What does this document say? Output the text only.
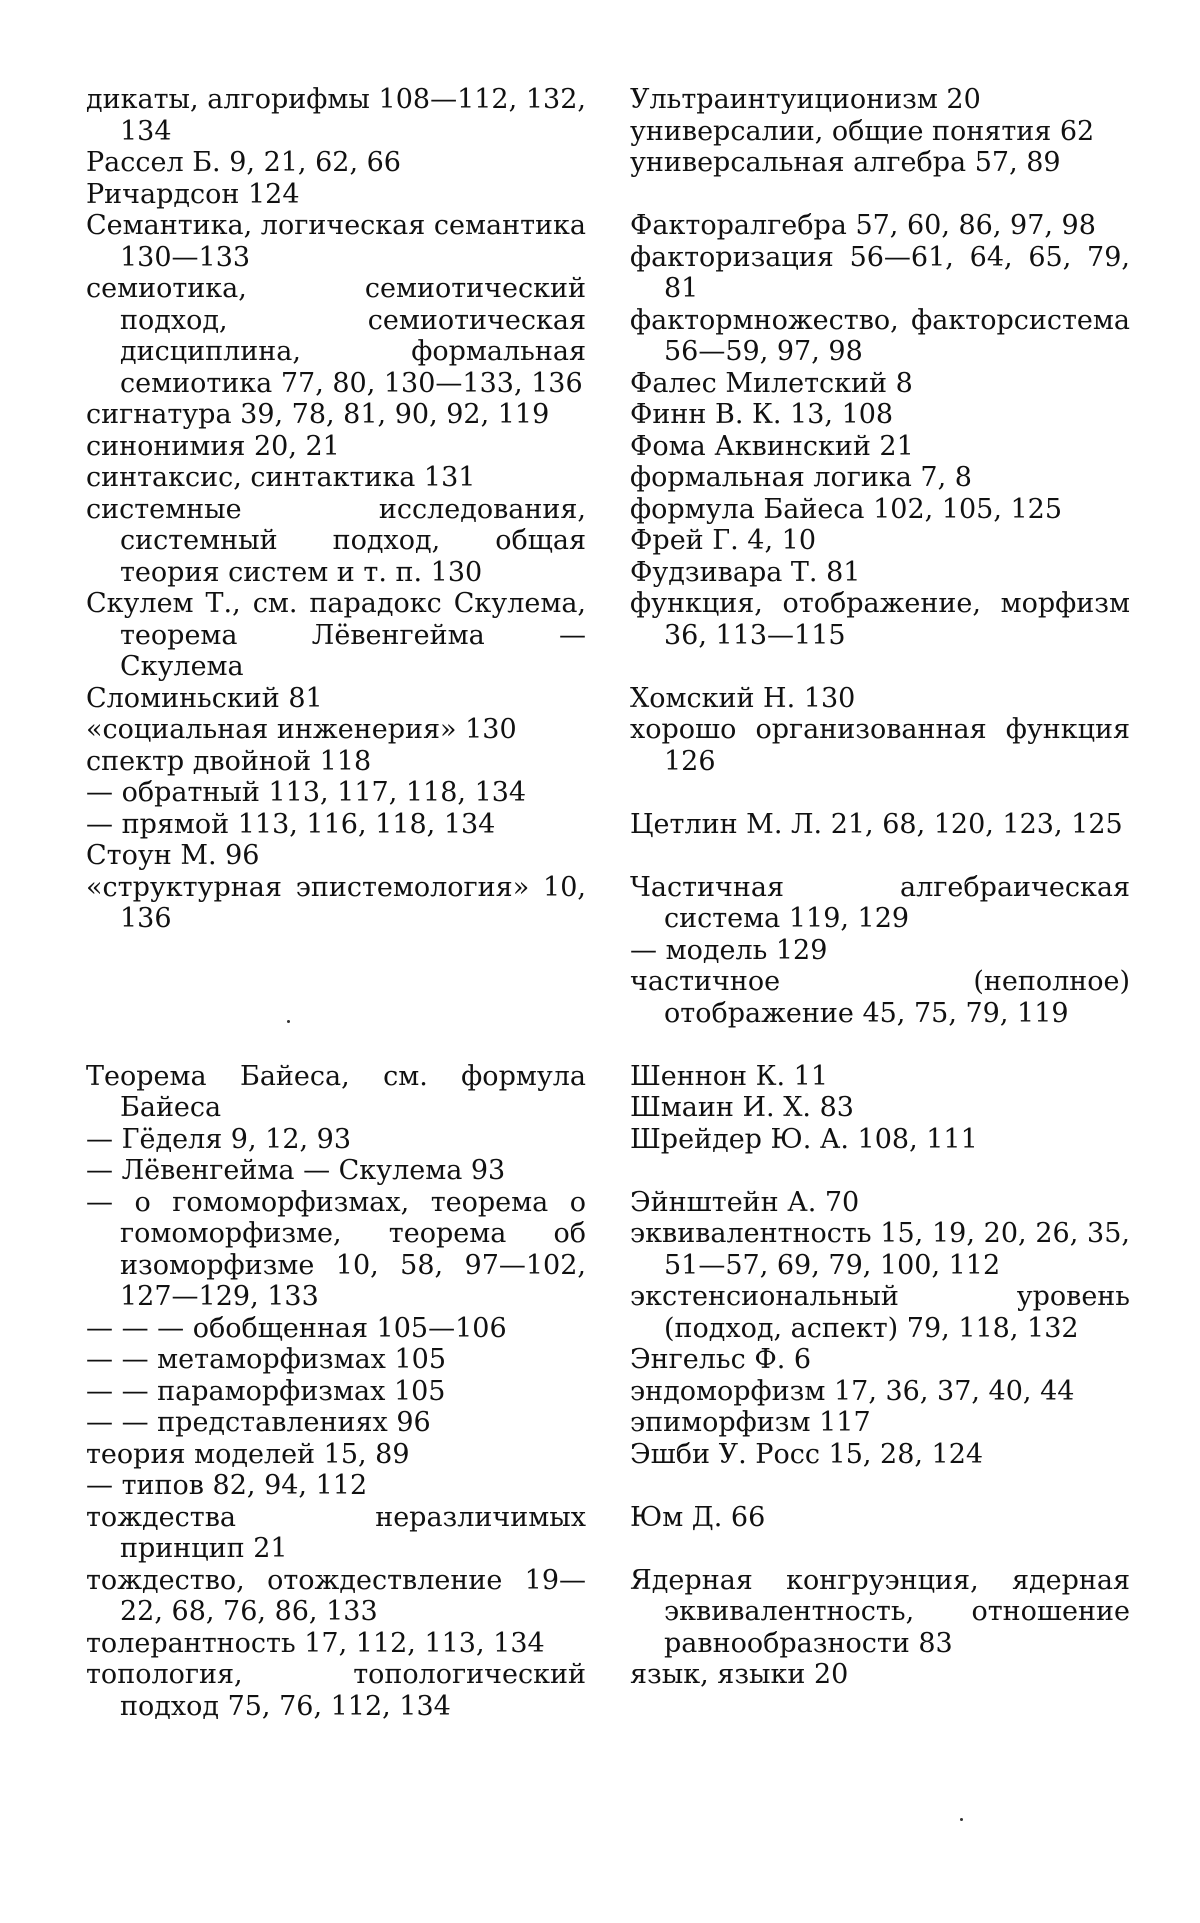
дикаты, алгорифмы 108—112, 132, 134
Рассел Б. 9, 21, 62, 66
Ричардсон 124
Семантика, логическая семантика 130—133
семиотика, семиотический подход, семиотическая дисциплина, формальная семиотика 77, 80, 130—133, 136
сигнатура 39, 78, 81, 90, 92, 119
синонимия 20, 21
синтаксис, синтактика 131
системные исследования, системный подход, общая теория систем и т. п. 130
Скулем Т., см. парадокс Скулема, теорема Лёвенгейма — Скулема
Сломиньский 81
«социальная инженерия» 130
спектр двойной 118
— обратный 113, 117, 118, 134
— прямой 113, 116, 118, 134
Стоун М. 96
«структурная эпистемология» 10, 136
Теорема Байеса, см. формула Байеса
— Гёделя 9, 12, 93
— Лёвенгейма — Скулема 93
— о гомоморфизмах, теорема о гомоморфизме, теорема об изоморфизме 10, 58, 97—102, 127—129, 133
— — — обобщенная 105—106
— — метаморфизмах 105
— — параморфизмах 105
— — представлениях 96
теория моделей 15, 89
— типов 82, 94, 112
тождества неразличимых принцип 21
тождество, отождествление 19—22, 68, 76, 86, 133
толерантность 17, 112, 113, 134
топология, топологический подход 75, 76, 112, 134
Ультраинтуиционизм 20
универсалии, общие понятия 62
универсальная алгебра 57, 89
Факторалгебра 57, 60, 86, 97, 98
факторизация 56—61, 64, 65, 79, 81
фактормножество, факторсистема 56—59, 97, 98
Фалес Милетский 8
Финн В. К. 13, 108
Фома Аквинский 21
формальная логика 7, 8
формула Байеса 102, 105, 125
Фрей Г. 4, 10
Фудзивара Т. 81
функция, отображение, морфизм 36, 113—115
Хомский Н. 130
хорошо организованная функция 126
Цетлин М. Л. 21, 68, 120, 123, 125
Частичная алгебраическая система 119, 129
— модель 129
частичное (неполное) отображение 45, 75, 79, 119
Шеннон К. 11
Шмаин И. Х. 83
Шрейдер Ю. А. 108, 111
Эйнштейн А. 70
эквивалентность 15, 19, 20, 26, 35, 51—57, 69, 79, 100, 112
экстенсиональный уровень (подход, аспект) 79, 118, 132
Энгельс Ф. 6
эндоморфизм 17, 36, 37, 40, 44
эпиморфизм 117
Эшби У. Росс 15, 28, 124
Юм Д. 66
Ядерная конгруэнция, ядерная эквивалентность, отношение равнообразности 83
язык, языки 20
